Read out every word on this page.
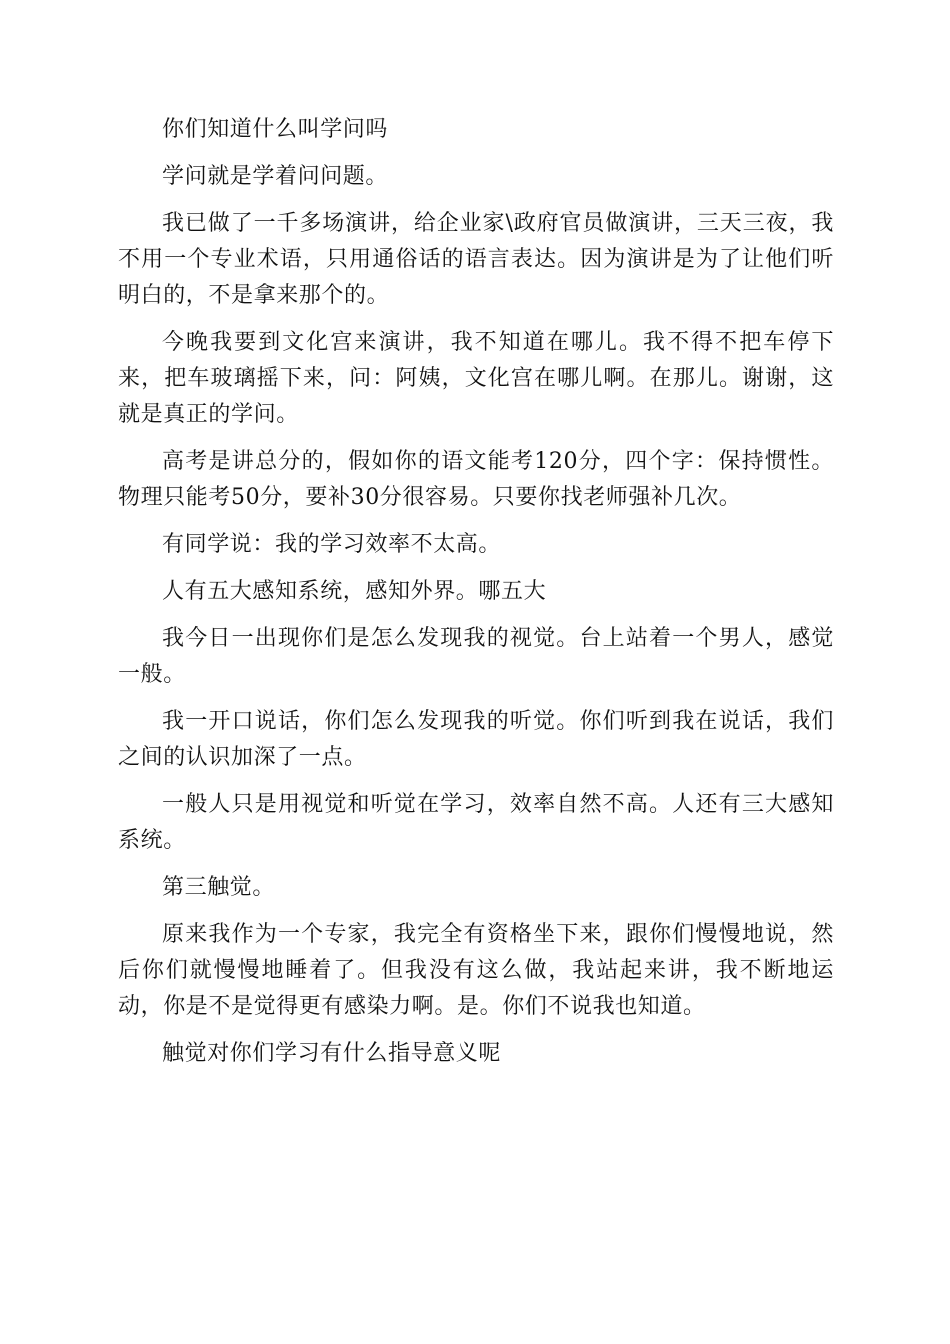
你们知道什么叫学问吗

学问就是学着问问题。

我已做了一千多场演讲，给企业家\政府官员做演讲，三天三夜，我不用一个专业术语，只用通俗话的语言表达。因为演讲是为了让他们听明白的，不是拿来那个的。

今晚我要到文化宫来演讲，我不知道在哪儿。我不得不把车停下来，把车玻璃摇下来，问：阿姨，文化宫在哪儿啊。在那儿。谢谢，这就是真正的学问。

高考是讲总分的，假如你的语文能考120分，四个字：保持惯性。物理只能考50分，要补30分很容易。只要你找老师强补几次。

有同学说：我的学习效率不太高。

人有五大感知系统，感知外界。哪五大

我今日一出现你们是怎么发现我的视觉。台上站着一个男人，感觉一般。

我一开口说话，你们怎么发现我的听觉。你们听到我在说话，我们之间的认识加深了一点。

一般人只是用视觉和听觉在学习，效率自然不高。人还有三大感知系统。

第三触觉。

原来我作为一个专家，我完全有资格坐下来，跟你们慢慢地说，然后你们就慢慢地睡着了。但我没有这么做，我站起来讲，我不断地运动，你是不是觉得更有感染力啊。是。你们不说我也知道。

触觉对你们学习有什么指导意义呢
